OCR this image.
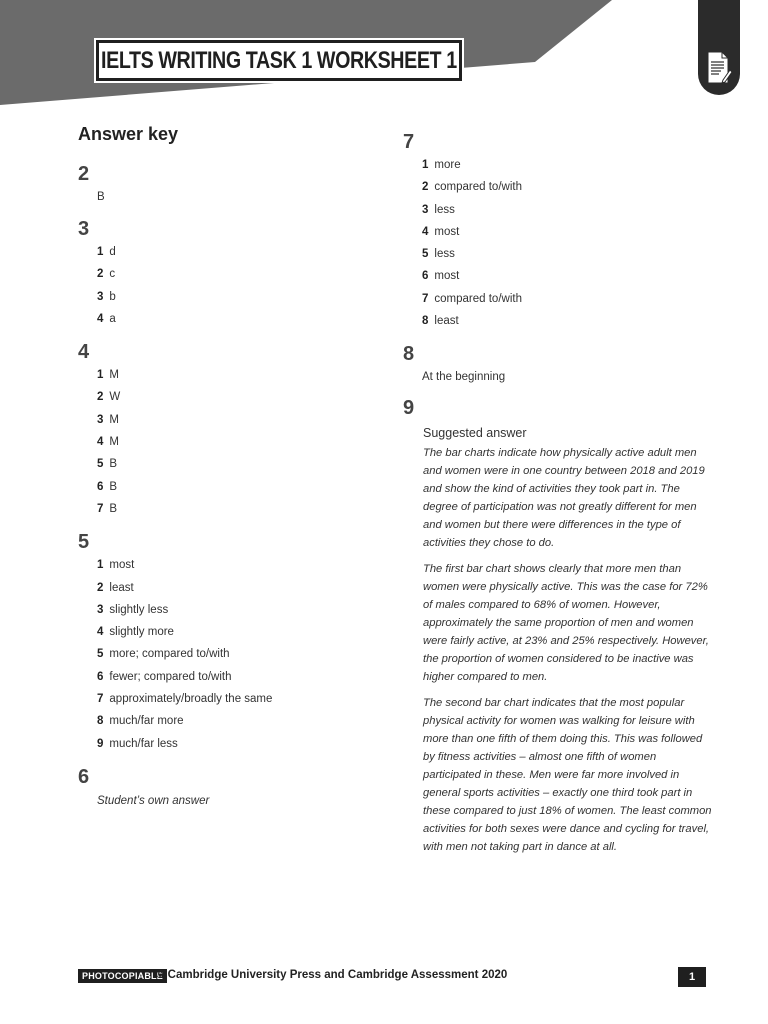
IELTS WRITING TASK 1 WORKSHEET 1
Answer key
2
B
3
1 d
2 c
3 b
4 a
4
1 M
2 W
3 M
4 M
5 B
6 B
7 B
5
1 most
2 least
3 slightly less
4 slightly more
5 more; compared to/with
6 fewer; compared to/with
7 approximately/broadly the same
8 much/far more
9 much/far less
6
Student’s own answer
7
1 more
2 compared to/with
3 less
4 most
5 less
6 most
7 compared to/with
8 least
8
At the beginning
9
Suggested answer

The bar charts indicate how physically active adult men and women were in one country between 2018 and 2019 and show the kind of activities they took part in. The degree of participation was not greatly different for men and women but there were differences in the type of activities they chose to do.

The first bar chart shows clearly that more men than women were physically active. This was the case for 72% of males compared to 68% of women. However, approximately the same proportion of men and women were fairly active, at 23% and 25% respectively. However, the proportion of women considered to be inactive was higher compared to men.

The second bar chart indicates that the most popular physical activity for women was walking for leisure with more than one fifth of them doing this. This was followed by fitness activities – almost one fifth of women participated in these. Men were far more involved in general sports activities – exactly one third took part in these compared to just 18% of women. The least common activities for both sexes were dance and cycling for travel, with men not taking part in dance at all.

PHOTOCOPIABLE
© Cambridge University Press and Cambridge Assessment 2020	1
